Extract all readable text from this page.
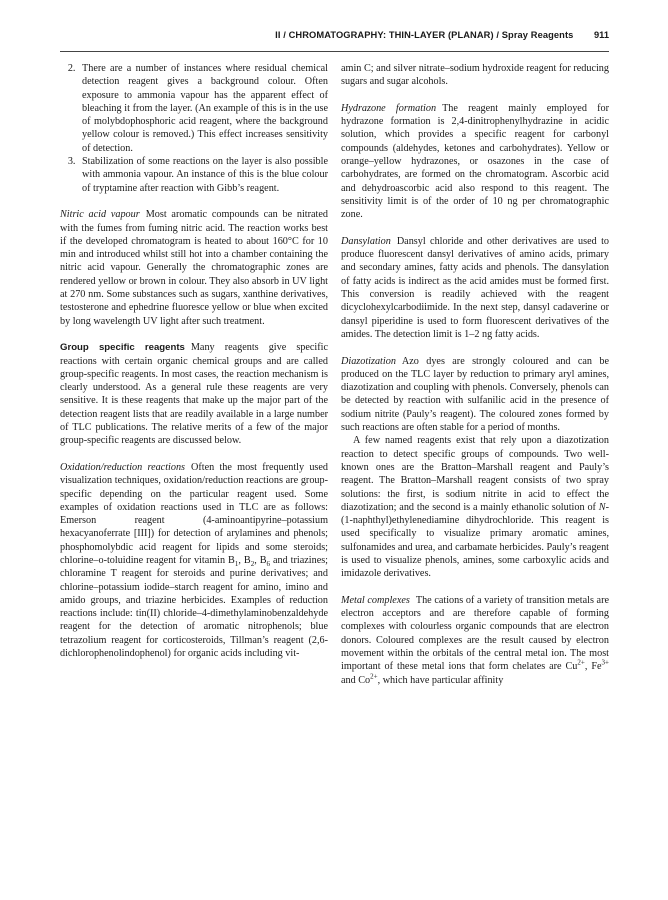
II / CHROMATOGRAPHY: THIN-LAYER (PLANAR) / Spray Reagents 911
2. There are a number of instances where residual chemical detection reagent gives a background colour. Often exposure to ammonia vapour has the apparent effect of bleaching it from the layer. (An example of this is in the use of molybdophosphoric acid reagent, where the background yellow colour is removed.) This effect increases sensitivity of detection.
3. Stabilization of some reactions on the layer is also possible with ammonia vapour. An instance of this is the blue colour of tryptamine after reaction with Gibb’s reagent.

Nitric acid vapour Most aromatic compounds can be nitrated with the fumes from fuming nitric acid. The reaction works best if the developed chromatogram is heated to about 160°C for 10 min and introduced whilst still hot into a chamber containing the nitric acid vapour. Generally the chromatographic zones are rendered yellow or brown in colour. They also absorb in UV light at 270 nm. Some substances such as sugars, xanthine derivatives, testosterone and ephedrine fluoresce yellow or blue when excited by long wavelength UV light after such treatment.

Group specific reagents Many reagents give specific reactions with certain organic chemical groups and are called group-specific reagents. In most cases, the reaction mechanism is clearly understood. As a general rule these reagents are very sensitive. It is these reagents that make up the major part of the detection reagent lists that are readily available in a large number of TLC publications. The relative merits of a few of the major group-specific reagents are discussed below.

Oxidation/reduction reactions Often the most frequently used visualization techniques, oxidation/reduction reactions are group-specific depending on the particular reagent used. Some examples of oxidation reactions used in TLC are as follows: Emerson reagent (4-aminoantipyrine–potassium hexacyanoferrate [III]) for detection of arylamines and phenols; phosphomolybdic acid reagent for lipids and some steroids; chlorine–o-toluidine reagent for vitamin $B_1$, $B_2$, $B_6$ and triazines; chloramine T reagent for steroids and purine derivatives; and chlorine–potassium iodide–starch reagent for amino, imino and amido groups, and triazine herbicides. Examples of reduction reactions include: tin(II) chloride–4-dimethylaminobenzaldehyde reagent for the detection of aromatic nitrophenols; blue tetrazolium reagent for corticosteroids, Tillman’s reagent (2,6-dichlorophenolindophenol) for organic acids including vit-

amin C; and silver nitrate–sodium hydroxide reagent for reducing sugars and sugar alcohols.

Hydrazone formation The reagent mainly employed for hydrazone formation is 2,4-dinitrophenylhydrazine in acidic solution, which provides a specific reagent for carbonyl compounds (aldehydes, ketones and carbohydrates). Yellow or orange–yellow hydrazones, or osazones in the case of carbohydrates, are formed on the chromatogram. Ascorbic acid and dehydroascorbic acid also respond to this reagent. The sensitivity limit is of the order of 10 ng per chromatographic zone.

Dansylation Dansyl chloride and other derivatives are used to produce fluorescent dansyl derivatives of amino acids, primary and secondary amines, fatty acids and phenols. The dansylation of fatty acids is indirect as the acid amides must be formed first. This conversion is readily achieved with the reagent dicyclohexylcarbodiimide. In the next step, dansyl cadaverine or dansyl piperidine is used to form fluorescent derivatives of the amides. The detection limit is 1–2 ng fatty acids.

Diazotization Azo dyes are strongly coloured and can be produced on the TLC layer by reduction to primary aryl amines, diazotization and coupling with phenols. Conversely, phenols can be detected by reaction with sulfanilic acid in the presence of sodium nitrite (Pauly’s reagent). The coloured zones formed by such reactions are often stable for a period of months.

A few named reagents exist that rely upon a diazotization reaction to detect specific groups of compounds. Two well-known ones are the Bratton–Marshall reagent and Pauly’s reagent. The Bratton–Marshall reagent consists of two spray solutions: the first, is sodium nitrite in acid to effect the diazotization; and the second is a mainly ethanolic solution of N-(1-naphthyl)ethylenediamine dihydrochloride. This reagent is used specifically to visualize primary aromatic amines, sulfonamides and urea, and carbamate herbicides. Pauly’s reagent is used to visualize phenols, amines, some carboxylic acids and imidazole derivatives.

Metal complexes The cations of a variety of transition metals are electron acceptors and are therefore capable of forming complexes with colourless organic compounds that are electron donors. Coloured complexes are the result caused by electron movement within the orbitals of the central metal ion. The most important of these metal ions that form chelates are $Cu^{2+}$, $Fe^{3+}$ and $Co^{2+}$, which have particular affinity
